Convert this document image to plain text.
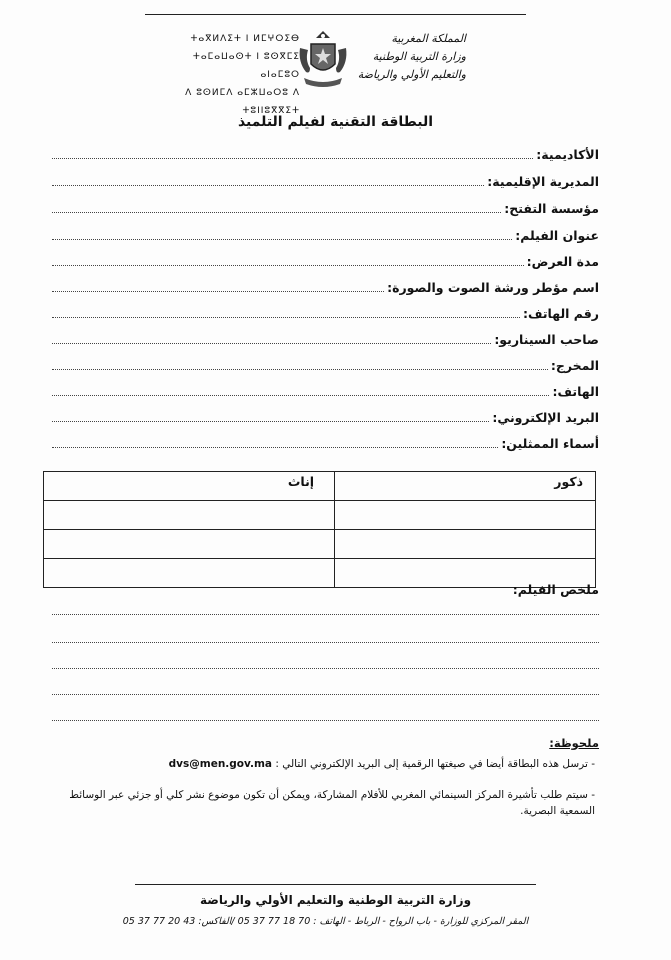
ⵜⴰⴳⵍⴷⵉⵜ ⵏ ⵍⵎⵖⵔⵉⴱ
ⵜⴰⵎⴰⵡⴰⵙⵜ ⵏ ⵓⵙⴳⵎⵉ ⴰⵏⴰⵎⵓⵔ
ⴷ ⵓⵙⵍⵎⴷ ⴰⵎⵣⵡⴰⵔⵓ ⴷ ⵜⵓⵏⵏⵓⴳⴳⵉⵜ
المملكة المغربية
وزارة التربية الوطنية
والتعليم الأولي والرياضة
البطاقة التقنية لفيلم التلميذ
الأكاديمية:
المديرية الإقليمية:
مؤسسة التفتح:
عنوان الفيلم:
مدة العرض:
اسم مؤطر ورشة الصوت والصورة:
رقم الهاتف:
صاحب السيناريو:
المخرج:
الهاتف:
البريد الإلكتروني:
أسماء الممثلين:
ذكور	إناث

ملخص الفيلم:
ملحوظة:
- ترسل هذه البطاقة أيضا في صيغتها الرقمية إلى البريد الإلكتروني التالي : dvs@men.gov.ma
- سيتم طلب تأشيرة المركز السينمائي المغربي للأفلام المشاركة، ويمكن أن تكون موضوع نشر كلي أو جزئي عبر الوسائط السمعية البصرية.
وزارة التربية الوطنية والتعليم الأولي والرياضة
المقر المركزي للوزارة - باب الرواح - الرباط - الهاتف : 70 18 77 37 05 /الفاكس: 43 20 77 37 05
